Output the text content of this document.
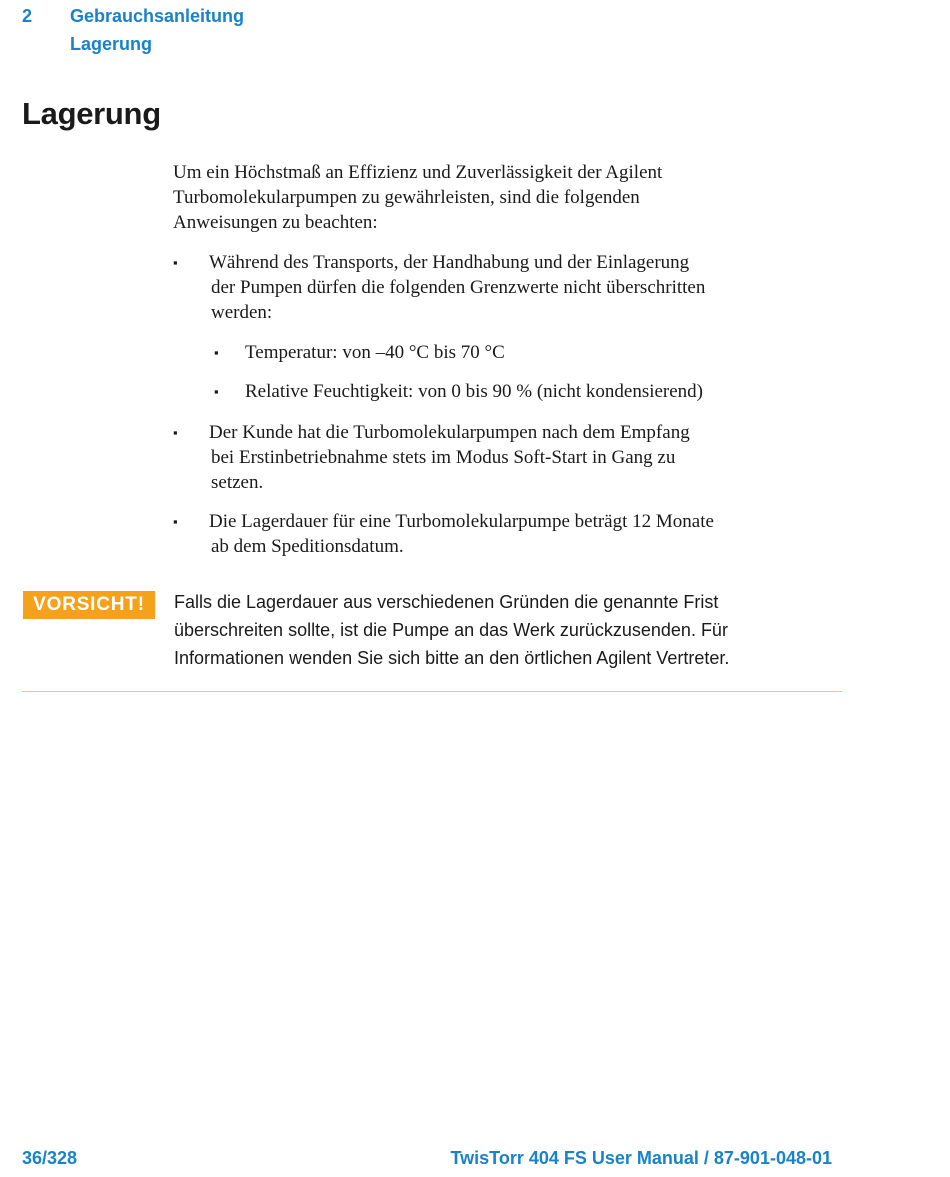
2	Gebrauchsanleitung
Lagerung
Lagerung
Um ein Höchstmaß an Effizienz und Zuverlässigkeit der Agilent
Turbomolekularpumpen zu gewährleisten, sind die folgenden
Anweisungen zu beachten:
▪ Während des Transports, der Handhabung und der Einlagerung
der Pumpen dürfen die folgenden Grenzwerte nicht überschritten
werden:
▪	Temperatur: von –40 °C bis 70 °C
▪	Relative Feuchtigkeit: von 0 bis 90 % (nicht kondensierend)
▪ Der Kunde hat die Turbomolekularpumpen nach dem Empfang
bei Erstinbetriebnahme stets im Modus Soft-Start in Gang zu
setzen.
▪ Die Lagerdauer für eine Turbomolekularpumpe beträgt 12 Monate
ab dem Speditionsdatum.
VORSICHT!	Falls die Lagerdauer aus verschiedenen Gründen die genannte Frist
überschreiten sollte, ist die Pumpe an das Werk zurückzusenden. Für
Informationen wenden Sie sich bitte an den örtlichen Agilent Vertreter.
36/328	TwisTorr 404 FS User Manual / 87-901-048-01
